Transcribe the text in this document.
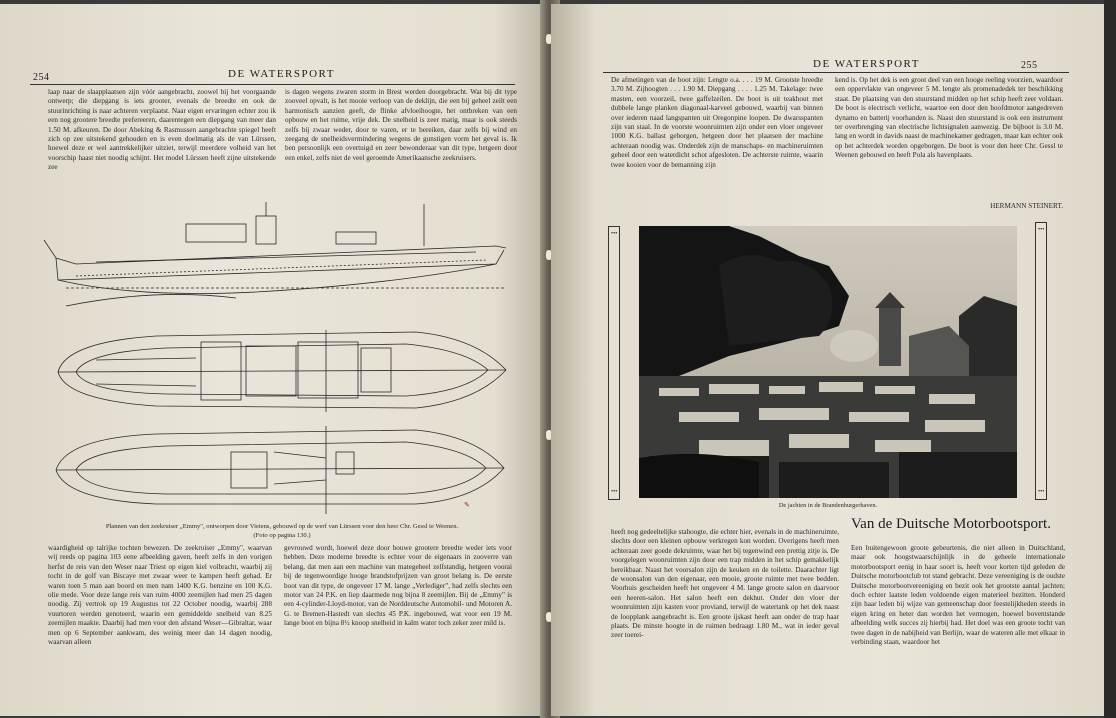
254	DE WATERSPORT

laap naar de slaapplaatsen zijn vóór aangebracht, zoowel bij het voorgaande ontwerp; die diepgang is iets grooter, evenals de breedte en ook de stuurinrichting is naar achteren verplaatst. Naar eigen ervaringen echter zou ik een nog grootere breedte prefereeren, daarentegen een diepgang van meer dan 1.50 M. afkeuren. De door Abeking & Rasmussen aangebrachte spiegel heeft zich op zee uitstekend gehouden en is even doelmatig als de van Lürssen, hoewel deze er wel aantrekkelijker uitziet, terwijl meerdere volheid van het voorschip haast niet noodig schijnt. Het model Lürssen heeft zijne uitstekende zee

is dagen wegens zwaren storm in Brest werden doorgebracht. Wat bij dit type zooveel opvalt, is het mooie verloop van de deklijn, die een bij geheel zeilt een harmonisch aanzien geeft, de flinke afvloeihoogte, het ontbreken van een opbouw en het ruime, vrije dek. De snelheid is zeer matig, maar is ook steeds zelfs bij zwaar weder, door te varen, er te bereiken, daar zelfs bij wind en zeegang de snelheidsvermindering wegens de gunstigen vorm het geval is. Ik ben persoonlijk een overtuigd en zeer bewonderaar van dit type, hetgeen door een enkel, zelfs niet de veel geroemde Amerikaansche zeekruisers.

✎
Plannen van den zeekruiser „Emmy", ontworpen door Vietens, gebouwd op de werf van Lürssen voor den heer Chr. Gessl te Weenen.
(Foto op pagina 130.)

waardigheid op talrijke tochten bewezen. De zeekruiser „Emmy", waarvan wij reeds op pagina 103 eene afbeelding gaven, heeft zelfs in den vorigen herfst de reis van den Weser naar Triest op eigen kiel volbracht, waarbij zij tocht in de golf van Biscaye met zwaar weer te kampen heeft gehad. Er waren toen 5 man aan boord en men nam 1400 K.G. benzine en 100 K.G. olie mede. Voor deze lange reis van ruim 4000 zeemijlen had men 25 dagen noodig. Zij vertrok op 19 Augustus tot 22 October noodig, waarbij 288 vuurtoren werden genoteerd, waarin een gemiddelde snelheid van 8.25 zeemijlen maakte. Daarbij had men voor den afstand Weser—Gibraltar, waar men op 6 September aankwam, des weinig meer dan 14 dagen noodig, waarvan alleen

gevrouwd wordt, hoewel deze door bouwe grootere breedte weder iets voor hebben. Deze moderne breedte is echter voor de eigenaars in zooverre van belang, dat men aan een machine van mategeheel zelfstandig, hetgeen voorai bij de tegenwoordige hooge brandstofprijzen van groot belang is. De eerste boot van dit type, de ongeveer 17 M. lange „Verlediger", had zelfs slechts een motor van 24 P.K. en liep daarmede nog bijna 8 zeemijlen. Bij de „Emmy" is een 4-cylinder-Lloyd-motor, van de Norddeutsche Automobil- und Motoren A. G. te Bremen-Hastedt van slechts 45 P.K. ingebouwd, wat voor een 19 M. lange boot en bijna 8½ knoop snelheid in kalm water toch zeker zeer mild is.

DE WATERSPORT	255

De afmetingen van de boot zijn: Lengte o.a. . . . 19 M. Grootste breedte 3.70 M. Zijhoogten . . . 1.90 M. Diepgang . . . . 1.25 M. Takelage: twee masten, een voorzeil, twee gaffelzeilen. De boot is uit teakhout met dubbele lange planken diagonaal-karveel gebouwd, waarbij van binnen over iederen naad langspanten uit Oregonpine loopen. De dwarsspanten zijn van staal. In de voorste woonruimten zijn onder een vloer ongeveer 1000 K.G. ballast geborgen, hetgeen door het plaatsen der machine achteraan noodig was. Onderdek zijn de manschaps- en machineruimten geheel door een waterdicht schot afgesloten. De achterste ruimte, waarin twee kooien voor de bemanning zijn

kend is. Op het dek is een groot deel van een hooge reeling voorzien, waardoor een oppervlakte van ongeveer 5 M. lengte als promenadedek ter beschikking staat. De plaatsing van den stuurstand midden op het schip heeft zeer voldaan. De boot is electrisch verlicht, waartoe een door den hoofdmotor aangedreven dynamo en batterij voorhanden is. Naast den stuurstand is ook een instrument ter overbrenging van electrische lichtsignalen aanwezig. De bijboot is 3.0 M. lang en wordt in davids naast de machinekamer gedragen, maar kan echter ook op het achterdek worden opgeborgen. De boot is voor den heer Chr. Gessl te Weenen gebouwd en heeft Pola als havenplaats.

HERMANN STEINERT.
•••
•••
•••
•••
De jachten in de Brandenburgerhaven.

heeft nog gedeeltelijke stahoogte, die echter hier, evenals in de machineruimte, slechts door een kleinen opbouw verkregen kon worden. Overigens heeft men achteraan zeer goede dekruimte, waar het bij tegenwind een prettig zitje is. De voorgelegen woonruimten zijn door een trap midden in het schip gemakkelijk bereikbaar. Naast het voorsalon zijn de keuken en de toilette. Daarachter ligt de woonsalon van den eigenaar, een mooie, groote ruimte met twee bedden. Voorhuis gescheiden heeft het ongeveer 4 M. lange groote salon en daarvoor een heeren-salon. Het salon heeft een dekhut. Onder den vloer der woonruimten zijn kasten voor proviand, terwijl de watertank op het dek naast de loopplank aangebracht is. Een groote ijskast heeft aan onder de trap haar plaats. De minste hoogte in de ruimen bedraagt 1.80 M., wat in ieder geval zeer toerei-

Van de Duitsche Motorbootsport.

Een buitengewoon groote gebeurtenis, die niet alleen in Duitschland, maar ook hoogstwaarschijnlijk in de geheele internationale motorbootsport eenig in haar soort is, heeft voor korten tijd geleden de Duitsche motorbootclub tot stand gebracht. Deze vereeniging is de oudste Duitsche motorbootvereeniging en bezit ook het grootste aantal jachten; doch echter laatste leden voldoende eigen materieel bezitten. Honderd zijn haar leden bij wijze van gemeenschap door feestelijkheden steeds in eigen kring en heter dan worden het vermogen, hoewel boventstande afbeelding welk succes zij hierbij had. Het doel was een groote tocht van twee dagen in de nabijheid van Berlijn, waar de wateren alle met elkaar in verbinding staan, waardoor het
